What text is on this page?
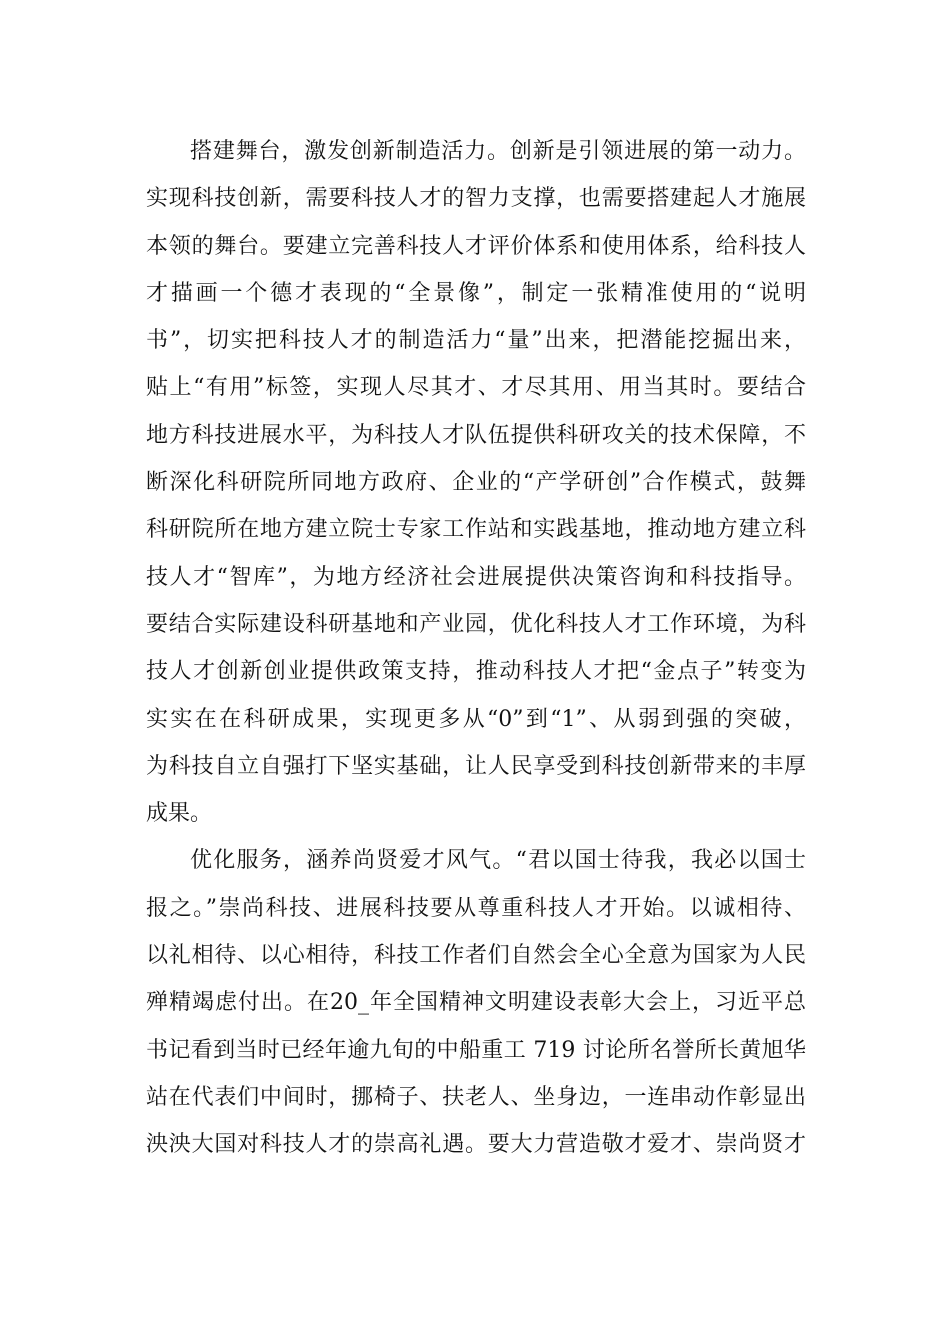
搭建舞台，激发创新制造活力。创新是引领进展的第一动力。
实现科技创新，需要科技人才的智力支撑，也需要搭建起人才施展
本领的舞台。要建立完善科技人才评价体系和使用体系，给科技人
才描画一个德才表现的“全景像”，制定一张精准使用的“说明
书”，切实把科技人才的制造活力“量”出来，把潜能挖掘出来，
贴上“有用”标签，实现人尽其才、才尽其用、用当其时。要结合
地方科技进展水平，为科技人才队伍提供科研攻关的技术保障，不
断深化科研院所同地方政府、企业的“产学研创”合作模式，鼓舞
科研院所在地方建立院士专家工作站和实践基地，推动地方建立科
技人才“智库”，为地方经济社会进展提供决策咨询和科技指导。
要结合实际建设科研基地和产业园，优化科技人才工作环境，为科
技人才创新创业提供政策支持，推动科技人才把“金点子”转变为
实实在在科研成果，实现更多从“0”到“1”、从弱到强的突破，
为科技自立自强打下坚实基础，让人民享受到科技创新带来的丰厚
成果。
优化服务，涵养尚贤爱才风气。“君以国士待我，我必以国士
报之。”崇尚科技、进展科技要从尊重科技人才开始。以诚相待、
以礼相待、以心相待，科技工作者们自然会全心全意为国家为人民
殚精竭虑付出。在20_年全国精神文明建设表彰大会上，习近平总
书记看到当时已经年逾九旬的中船重工 719 讨论所名誉所长黄旭华
站在代表们中间时，挪椅子、扶老人、坐身边，一连串动作彰显出
泱泱大国对科技人才的崇高礼遇。要大力营造敬才爱才、崇尚贤才
